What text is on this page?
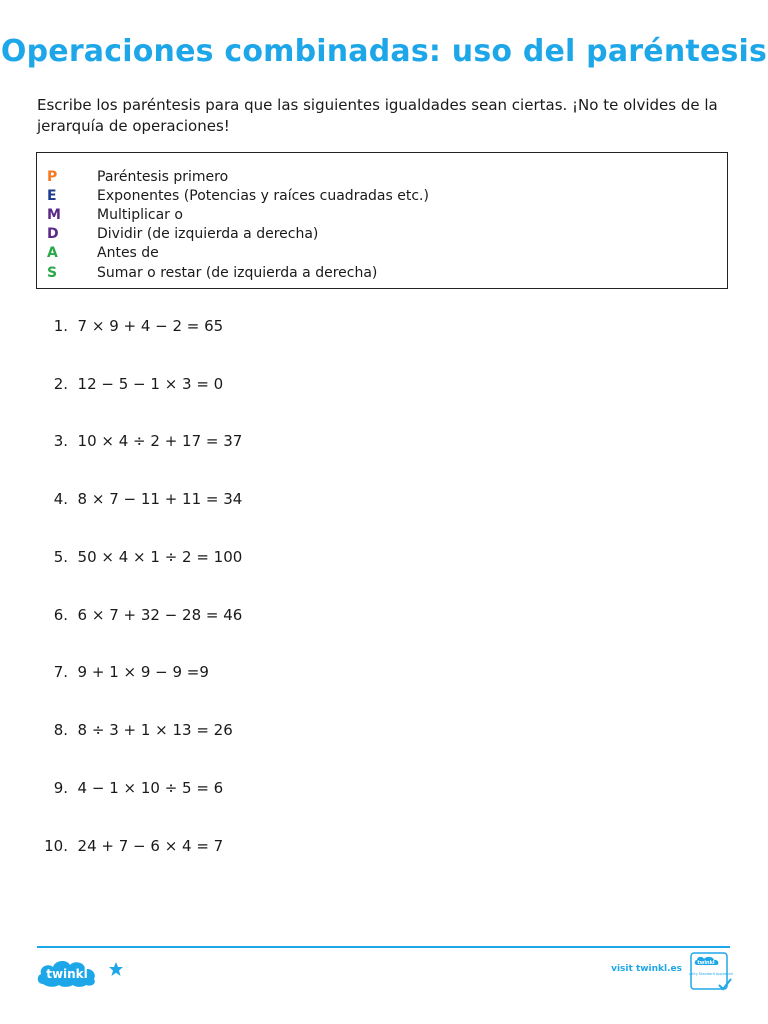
Operaciones combinadas: uso del paréntesis
Escribe los paréntesis para que las siguientes igualdades sean ciertas. ¡No te olvides de la jerarquía de operaciones!
P	Paréntesis primero
E	Exponentes (Potencias y raíces cuadradas etc.)
M	Multiplicar o
D	Dividir (de izquierda a derecha)
A	Antes de
S	Sumar o restar (de izquierda a derecha)
1.
7 × 9 + 4 − 2 = 65
2.
12 − 5 − 1 × 3 = 0
3.
10 × 4 ÷ 2 + 17 = 37
4.
8 × 7 − 11 + 11 = 34
5.
50 × 4 × 1 ÷ 2 = 100
6.
6 × 7 + 32 − 28 = 46
7.
9 + 1 × 9 − 9 =9
8.
8 ÷ 3 + 1 × 13 = 26
9.
4 − 1 × 10 ÷ 5 = 6
10.
24 + 7 − 6 × 4 = 7
twinkl	visit twinkl.es
twinkl
Quality Standard Approved
